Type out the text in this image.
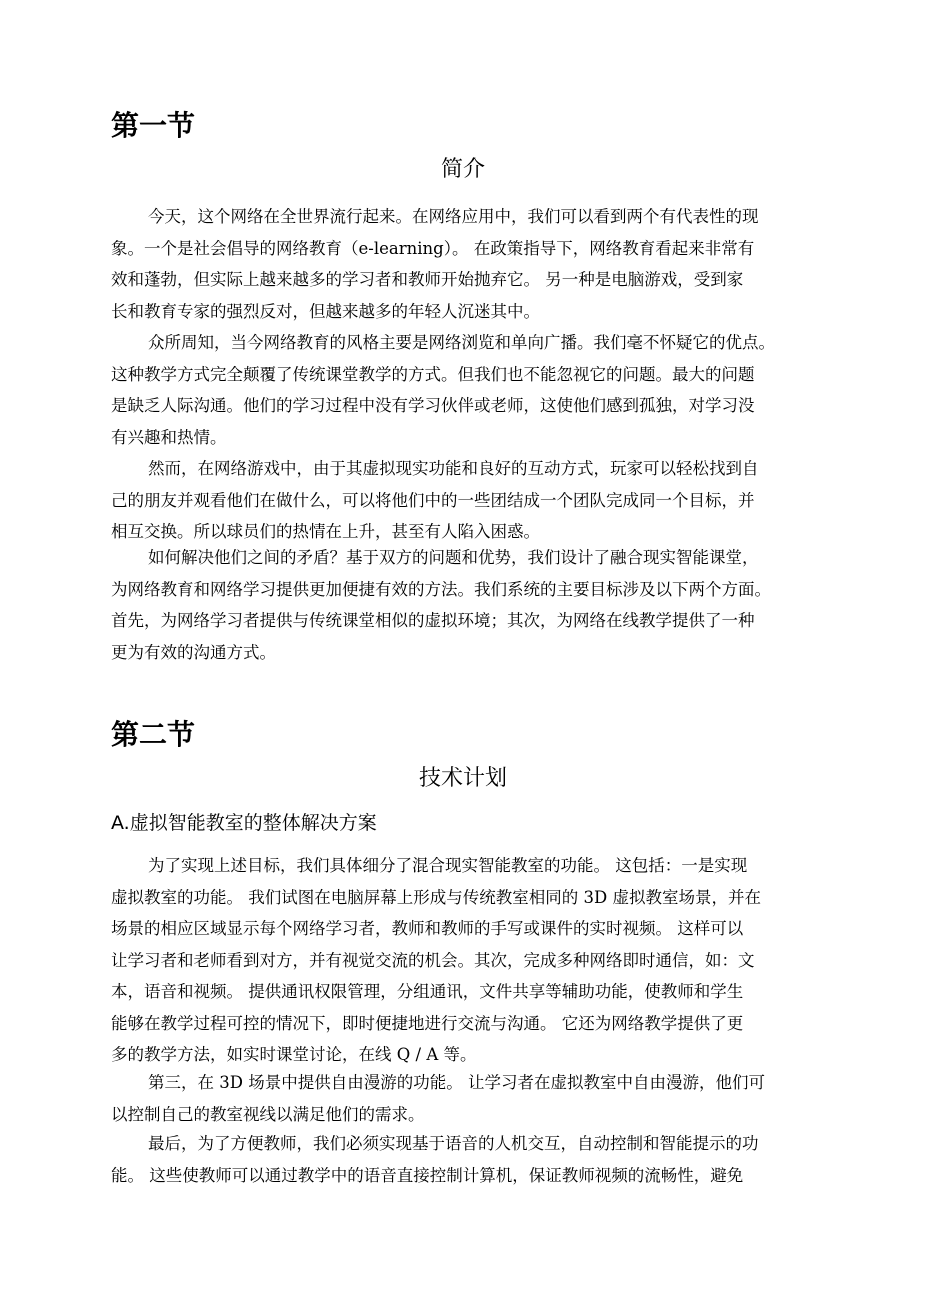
第一节
简介
今天，这个网络在全世界流行起来。在网络应用中，我们可以看到两个有代表性的现
象。一个是社会倡导的网络教育（e-learning）。 在政策指导下，网络教育看起来非常有
效和蓬勃，但实际上越来越多的学习者和教师开始抛弃它。 另一种是电脑游戏，受到家
长和教育专家的强烈反对，但越来越多的年轻人沉迷其中。
众所周知，当今网络教育的风格主要是网络浏览和单向广播。我们毫不怀疑它的优点。
这种教学方式完全颠覆了传统课堂教学的方式。但我们也不能忽视它的问题。最大的问题
是缺乏人际沟通。他们的学习过程中没有学习伙伴或老师，这使他们感到孤独，对学习没
有兴趣和热情。
然而，在网络游戏中，由于其虚拟现实功能和良好的互动方式，玩家可以轻松找到自
己的朋友并观看他们在做什么，可以将他们中的一些团结成一个团队完成同一个目标，并
相互交换。所以球员们的热情在上升，甚至有人陷入困惑。
如何解决他们之间的矛盾？基于双方的问题和优势，我们设计了融合现实智能课堂，
为网络教育和网络学习提供更加便捷有效的方法。我们系统的主要目标涉及以下两个方面。
首先，为网络学习者提供与传统课堂相似的虚拟环境；其次，为网络在线教学提供了一种
更为有效的沟通方式。
第二节
技术计划
A.虚拟智能教室的整体解决方案
为了实现上述目标，我们具体细分了混合现实智能教室的功能。 这包括：一是实现
虚拟教室的功能。 我们试图在电脑屏幕上形成与传统教室相同的 3D 虚拟教室场景，并在
场景的相应区域显示每个网络学习者，教师和教师的手写或课件的实时视频。 这样可以
让学习者和老师看到对方，并有视觉交流的机会。其次，完成多种网络即时通信，如：文
本，语音和视频。 提供通讯权限管理，分组通讯，文件共享等辅助功能，使教师和学生
能够在教学过程可控的情况下，即时便捷地进行交流与沟通。 它还为网络教学提供了更
多的教学方法，如实时课堂讨论，在线 Q / A 等。
第三，在 3D 场景中提供自由漫游的功能。 让学习者在虚拟教室中自由漫游，他们可
以控制自己的教室视线以满足他们的需求。
最后，为了方便教师，我们必须实现基于语音的人机交互，自动控制和智能提示的功
能。 这些使教师可以通过教学中的语音直接控制计算机，保证教师视频的流畅性，避免
